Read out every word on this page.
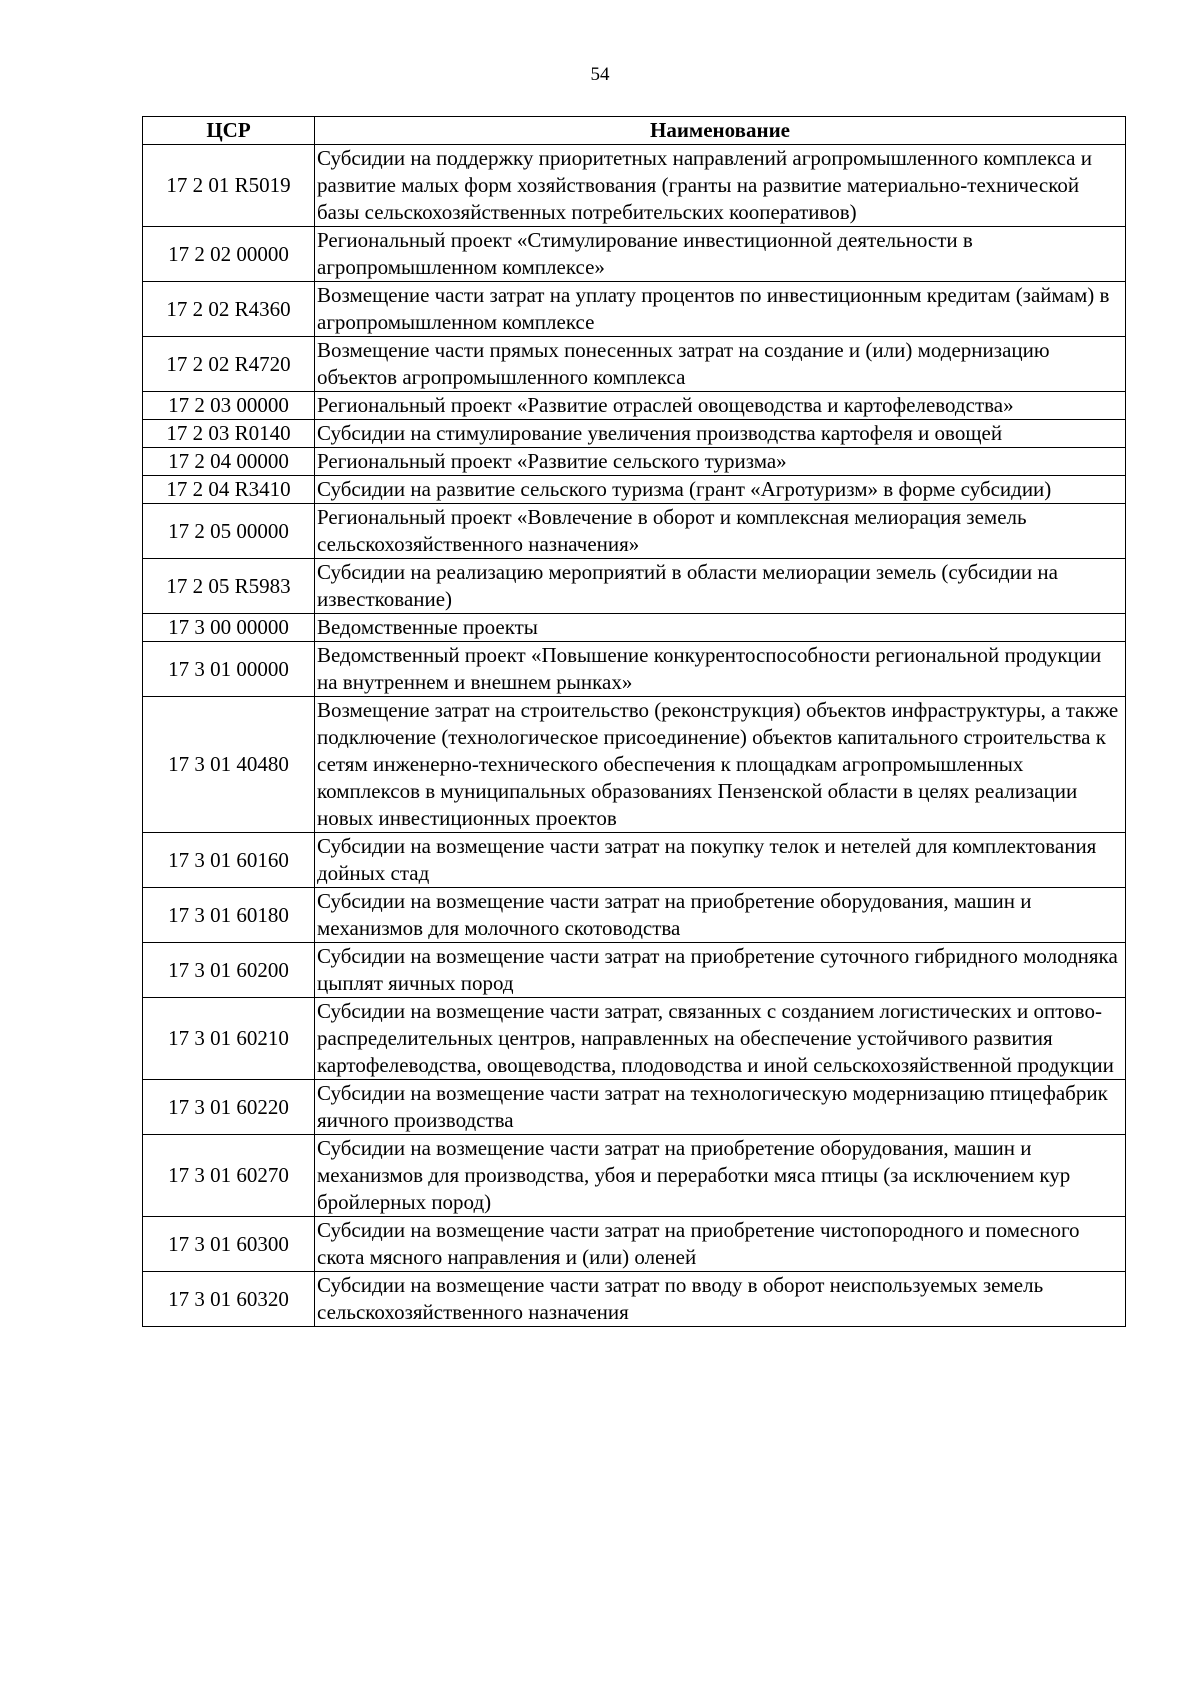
54
ЦСР	Наименование
17 2 01 R5019	Субсидии на поддержку приоритетных направлений агропромышленного комплекса и развитие малых форм хозяйствования (гранты на развитие материально-технической базы сельскохозяйственных потребительских кооперативов)
17 2 02 00000	Региональный проект «Стимулирование инвестиционной деятельности в агропромышленном комплексе»
17 2 02 R4360	Возмещение части затрат на уплату процентов по инвестиционным кредитам (займам) в агропромышленном комплексе
17 2 02 R4720	Возмещение части прямых понесенных затрат на создание и (или) модернизацию объектов агропромышленного комплекса
17 2 03 00000	Региональный проект «Развитие отраслей овощеводства и картофелеводства»
17 2 03 R0140	Субсидии на стимулирование увеличения производства картофеля и овощей
17 2 04 00000	Региональный проект «Развитие сельского туризма»
17 2 04 R3410	Субсидии на развитие сельского туризма (грант «Агротуризм» в форме субсидии)
17 2 05 00000	Региональный проект «Вовлечение в оборот и комплексная мелиорация земель сельскохозяйственного назначения»
17 2 05 R5983	Субсидии на реализацию мероприятий в области мелиорации земель (субсидии на известкование)
17 3 00 00000	Ведомственные проекты
17 3 01 00000	Ведомственный проект «Повышение конкурентоспособности региональной продукции на внутреннем и внешнем рынках»
17 3 01 40480	Возмещение затрат на строительство (реконструкция) объектов инфраструктуры, а также подключение (технологическое присоединение) объектов капитального строительства к сетям инженерно-технического обеспечения к площадкам агропромышленных комплексов в муниципальных образованиях Пензенской области в целях реализации новых инвестиционных проектов
17 3 01 60160	Субсидии на возмещение части затрат на покупку телок и нетелей для комплектования дойных стад
17 3 01 60180	Субсидии на возмещение части затрат на приобретение оборудования, машин и механизмов для молочного скотоводства
17 3 01 60200	Субсидии на возмещение части затрат на приобретение суточного гибридного молодняка цыплят яичных пород
17 3 01 60210	Субсидии на возмещение части затрат, связанных с созданием логистических и оптово-распределительных центров, направленных на обеспечение устойчивого развития картофелеводства, овощеводства, плодоводства и иной сельскохозяйственной продукции
17 3 01 60220	Субсидии на возмещение части затрат на технологическую модернизацию птицефабрик яичного производства
17 3 01 60270	Субсидии на возмещение части затрат на приобретение оборудования, машин и механизмов для производства, убоя и переработки мяса птицы (за исключением кур бройлерных пород)
17 3 01 60300	Субсидии на возмещение части затрат на приобретение чистопородного и помесного скота мясного направления и (или) оленей
17 3 01 60320	Субсидии на возмещение части затрат по вводу в оборот неиспользуемых земель сельскохозяйственного назначения
